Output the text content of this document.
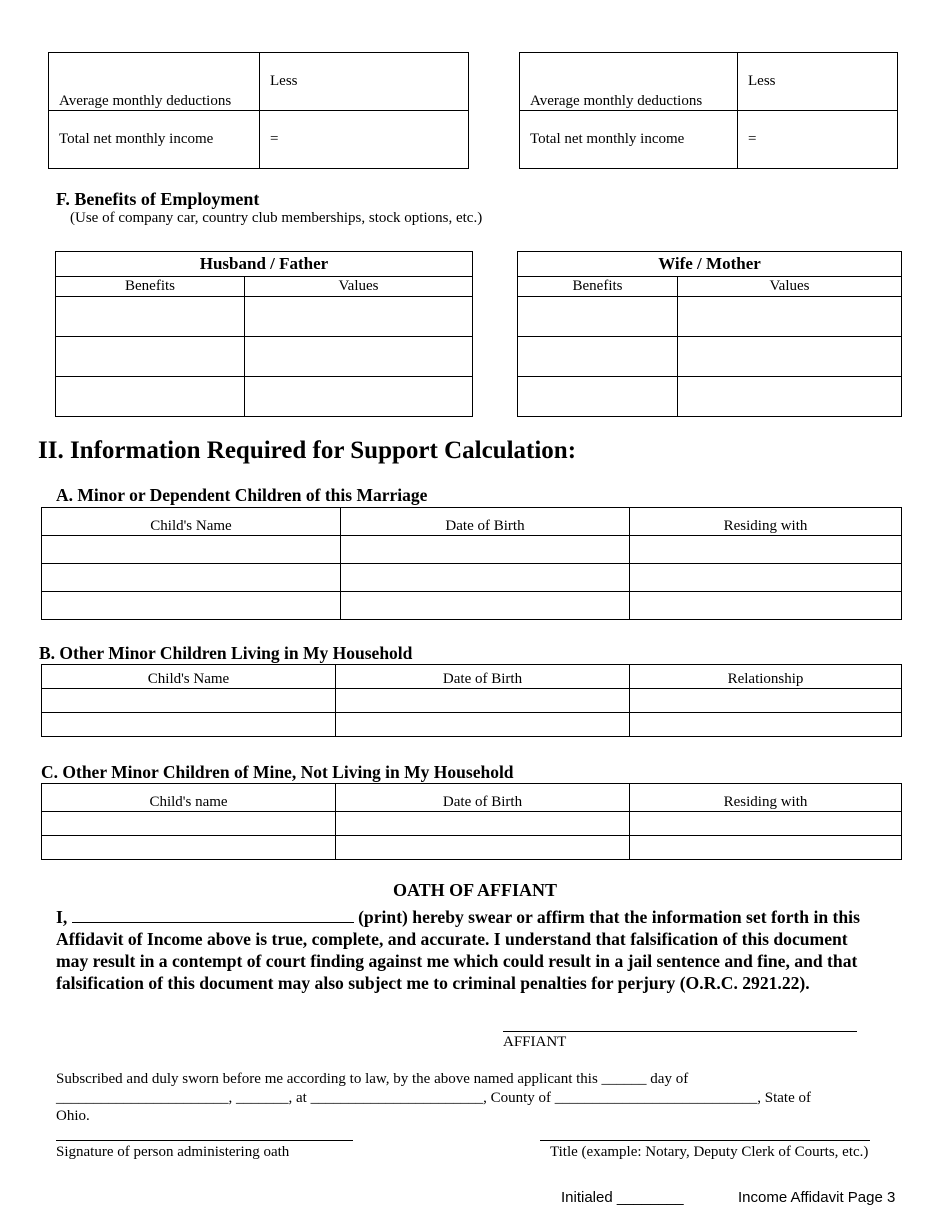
Average monthly deductions	Less
Total net monthly income	=
Average monthly deductions	Less
Total net monthly income	=
F. Benefits of Employment
(Use of company car, country club memberships, stock options, etc.)
Husband / Father	
Benefits	Values

Wife / Mother	
Benefits	Values

II. Information Required for Support Calculation:
A. Minor or Dependent Children of this Marriage
Child's Name	Date of Birth	Residing with

B. Other Minor Children Living in My Household
Child's Name	Date of Birth	Relationship

C. Other Minor Children of Mine, Not Living in My Household
Child's name	Date of Birth	Residing with

OATH OF AFFIANT
I,	(print) hereby swear or affirm that the information set forth in this
Affidavit of Income above is true, complete, and accurate. I understand that falsification of this document
may result in a contempt of court finding against me which could result in a jail sentence and fine, and that
falsification of this document may also subject me to criminal penalties for perjury (O.R.C. 2921.22).
AFFIANT
Subscribed and duly sworn before me according to law, by the above named applicant this ______ day of
_______________________, _______, at _______________________, County of ___________________________, State of
Ohio.
Signature of person administering oath	Title (example: Notary, Deputy Clerk of Courts, etc.)
Initialed ________	Income Affidavit Page 3
